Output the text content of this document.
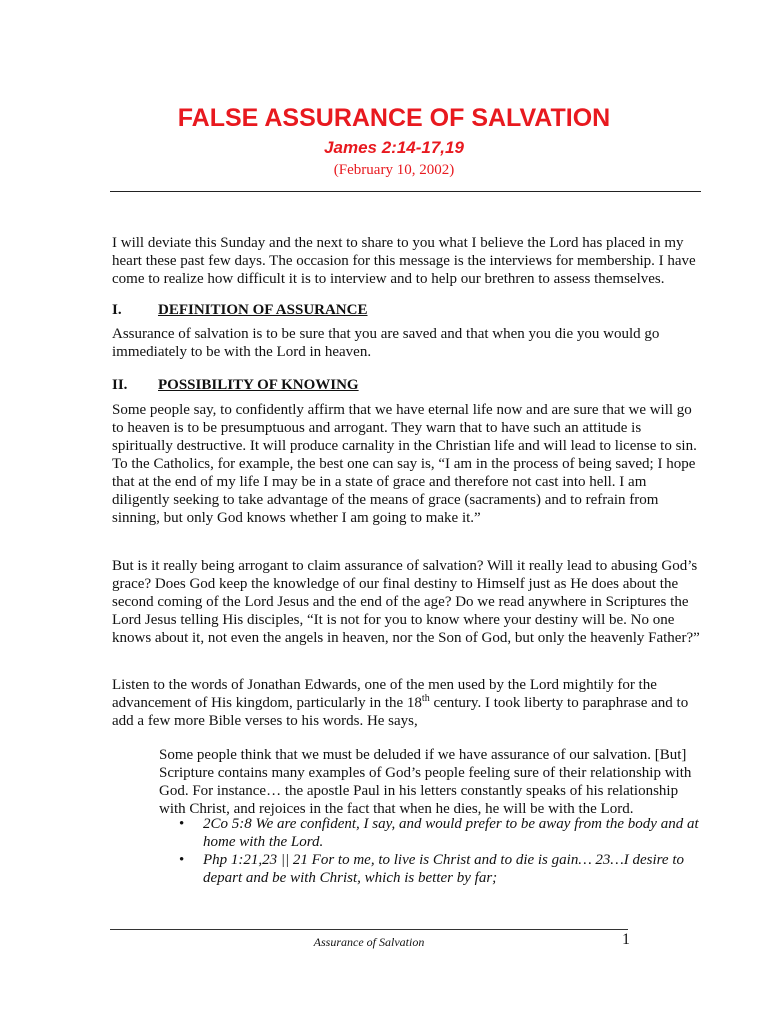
FALSE ASSURANCE OF SALVATION
James 2:14-17,19
(February 10, 2002)

I will deviate this Sunday and the next to share to you what I believe the Lord has placed in my heart these past few days. The occasion for this message is the interviews for membership. I have come to realize how difficult it is to interview and to help our brethren to assess themselves.

I. DEFINITION OF ASSURANCE

Assurance of salvation is to be sure that you are saved and that when you die you would go immediately to be with the Lord in heaven.

II. POSSIBILITY OF KNOWING

Some people say, to confidently affirm that we have eternal life now and are sure that we will go to heaven is to be presumptuous and arrogant. They warn that to have such an attitude is spiritually destructive. It will produce carnality in the Christian life and will lead to license to sin. To the Catholics, for example, the best one can say is, “I am in the process of being saved; I hope that at the end of my life I may be in a state of grace and therefore not cast into hell. I am diligently seeking to take advantage of the means of grace (sacraments) and to refrain from sinning, but only God knows whether I am going to make it.”

But is it really being arrogant to claim assurance of salvation? Will it really lead to abusing God’s grace? Does God keep the knowledge of our final destiny to Himself just as He does about the second coming of the Lord Jesus and the end of the age? Do we read anywhere in Scriptures the Lord Jesus telling His disciples, “It is not for you to know where your destiny will be. No one knows about it, not even the angels in heaven, nor the Son of God, but only the heavenly Father?”

Listen to the words of Jonathan Edwards, one of the men used by the Lord mightily for the advancement of His kingdom, particularly in the 18th century. I took liberty to paraphrase and to add a few more Bible verses to his words. He says,

Some people think that we must be deluded if we have assurance of our salvation. [But] Scripture contains many examples of God’s people feeling sure of their relationship with God. For instance… the apostle Paul in his letters constantly speaks of his relationship with Christ, and rejoices in the fact that when he dies, he will be with the Lord.

• 2Co 5:8 We are confident, I say, and would prefer to be away from the body and at home with the Lord.
• Php 1:21,23 || 21 For to me, to live is Christ and to die is gain… 23…I desire to depart and be with Christ, which is better by far;
Assurance of Salvation	1
